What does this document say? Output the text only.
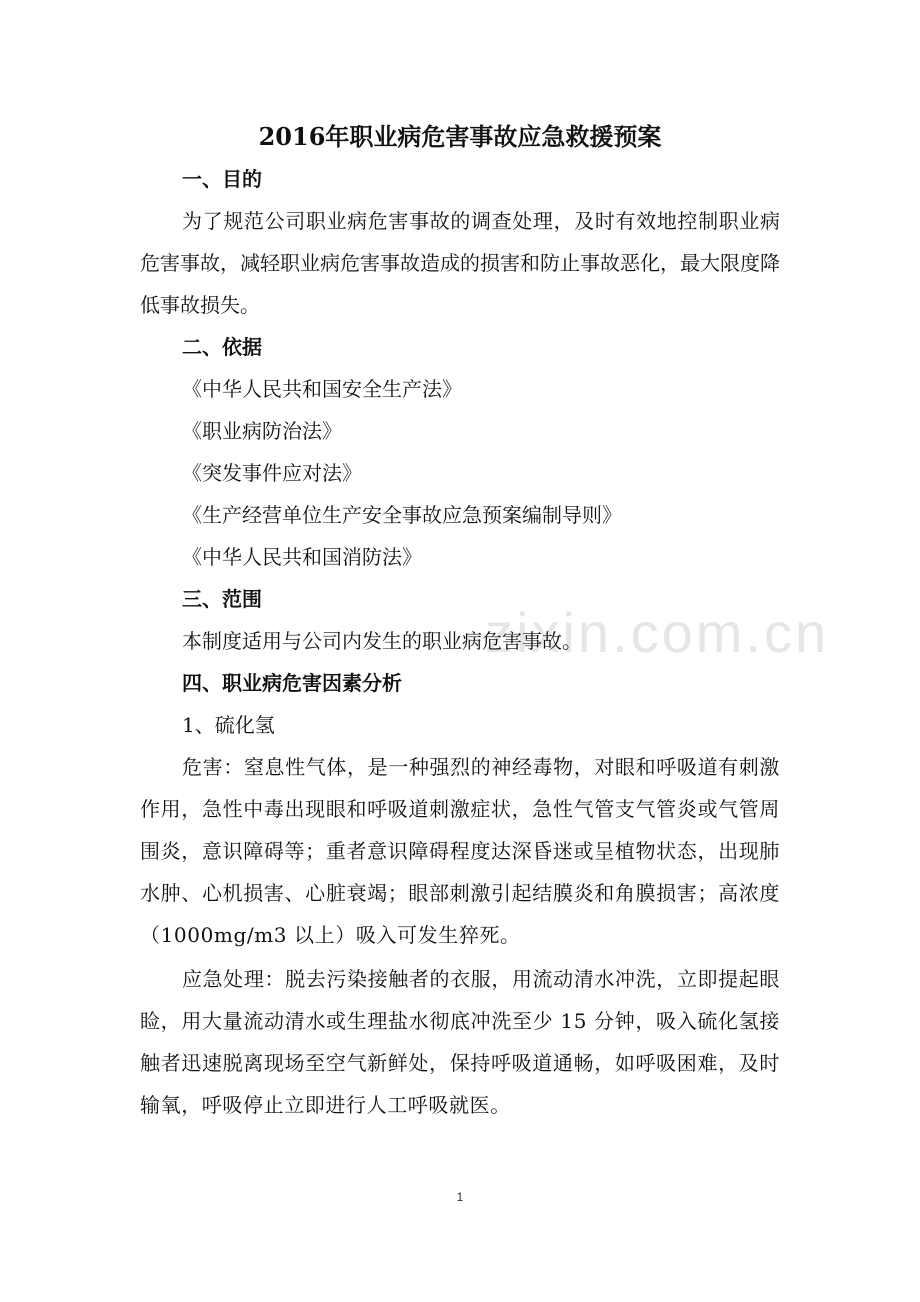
zixin.com.cn
2016年职业病危害事故应急救援预案
一、目的

为了规范公司职业病危害事故的调查处理，及时有效地控制职业病危害事故，减轻职业病危害事故造成的损害和防止事故恶化，最大限度降低事故损失。

二、依据
《中华人民共和国安全生产法》
《职业病防治法》
《突发事件应对法》
《生产经营单位生产安全事故应急预案编制导则》
《中华人民共和国消防法》
三、范围
本制度适用与公司内发生的职业病危害事故。
四、职业病危害因素分析
1、硫化氢

危害：窒息性气体，是一种强烈的神经毒物，对眼和呼吸道有刺激作用，急性中毒出现眼和呼吸道刺激症状，急性气管支气管炎或气管周围炎，意识障碍等；重者意识障碍程度达深昏迷或呈植物状态，出现肺水肿、心机损害、心脏衰竭；眼部刺激引起结膜炎和角膜损害；高浓度（1000mg/m3 以上）吸入可发生猝死。

应急处理：脱去污染接触者的衣服，用流动清水冲洗，立即提起眼睑，用大量流动清水或生理盐水彻底冲洗至少 15 分钟，吸入硫化氢接触者迅速脱离现场至空气新鲜处，保持呼吸道通畅，如呼吸困难，及时输氧，呼吸停止立即进行人工呼吸就医。

1
